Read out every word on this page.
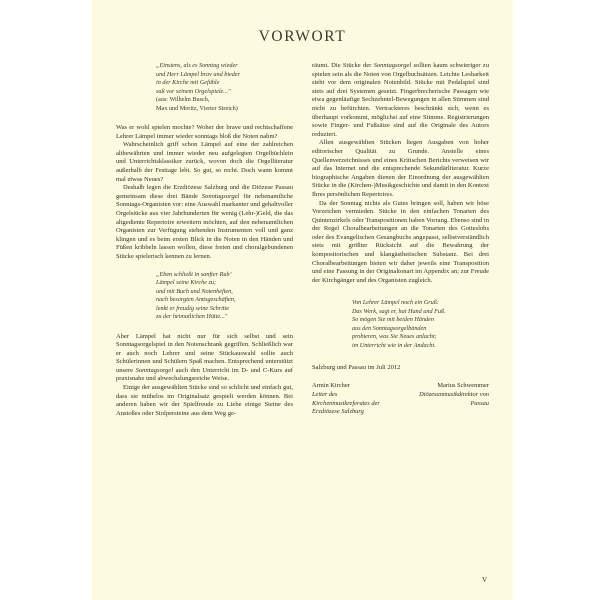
VORWORT
„Einstens, als es Sonntag wieder
und Herr Lämpel brav und bieder
in der Kirche mit Gefühle
saß vor seinem Orgelspiele..."
(aus: Wilhelm Busch,
Max und Moritz, Vierter Streich)

Was er wohl spielen mochte? Woher der brave und rechtschaffene Lehrer Lämpel immer wieder sonntags bloß die Noten nahm?

Wahrscheinlich griff schon Lämpel auf eine der zahlreichen altbewährten und immer wieder neu aufgelegten Orgelbüchlein und Unterrichtsklassiker zurück, wovon doch die Orgelliteratur außerhalb der Festtage lebt. So gut, so recht. Doch wann kommt mal etwas Neues?

Deshalb legen die Erzdiözese Salzburg und die Diözese Passau gemeinsam diese drei Bände Sonntagsorgel für nebenamtliche Sonntags-Organisten vor: eine Auswahl markanter und gehaltvoller Orgelstücke aus vier Jahrhunderten für wenig (Lehr-)Geld, die das altgediente Repertoire erweitern möchten, auf den nebenamtlichen Organisten zur Verfügung stehenden Instrumenten voll und ganz klingen und es beim ersten Blick in die Noten in den Händen und Füßen kribbeln lassen wollen, diese freien und choralgebundenen Stücke spielerisch kennen zu lernen.

„Eben schließt in sanfter Ruh’
Lämpel seine Kirche zu;
und mit Buch und Notenheften,
nach besorgten Amtsgeschäften,
lenkt er freudig seine Schritte
zu der heimatlichen Hütte..."

Aber Lämpel hat nicht nur für sich selbst und sein Sonntagsorgelspiel in den Notenschrank gegriffen. Schließlich war er auch noch Lehrer und seine Stückauswahl sollte auch Schülerinnen und Schülern Spaß machen. Entsprechend unterstützt unsere Sonntagsorgel auch den Unterricht im D- und C-Kurs auf praxisnahe und abwechslungsreiche Weise.

Einige der ausgewählten Stücke sind so schlicht und einfach gut, dass sie mühelos im Originalsatz gespielt werden können. Bei anderen haben wir der Spielfreude zu Liebe einige Steine des Anstoßes oder Stolpersteine aus dem Weg ge-

räumt. Die Stücke der Sonntagsorgel sollten kaum schwieriger zu spielen sein als die Noten von Orgelbuchsätzen. Leichte Lesbarkeit steht vor dem originalen Notenbild. Stücke mit Pedalspiel sind stets auf drei Systemen gesetzt. Fingerbrecherische Passagen wie etwa gegenläufige Sechzehntel-Bewegungen in allen Stimmen sind nicht zu befürchten. Vertrackteres beschränkt sich, wenn es überhaupt vorkommt, möglichst auf eine Stimme. Registrierungen sowie Finger- und Fußsätze sind auf die Originale des Autors reduziert.

Allen ausgewählten Stücken liegen Ausgaben von hoher editorischer Qualität zu Grunde. Anstelle eines Quellenverzeichnisses und eines Kritischen Berichts verweisen wir auf das Internet und die entsprechende Sekundärliteratur. Kurze biographische Angaben dienen der Einordnung der ausgewählten Stücke in die (Kirchen-)Musikgeschichte und damit in den Kontext Ihres persönlichen Repertoires.

Da der Sonntag nichts als Gutes bringen soll, haben wir böse Vorzeichen vermieden. Stücke in den einfachen Tonarten des Quintenzirkels oder Transpositionen haben Vorrang. Ebenso sind in der Regel Choralbearbeitungen an die Tonarten des Gotteslobs oder des Evangelischen Gesangbuchs angepasst, selbstverständlich stets mit größter Rücksicht auf die Bewahrung der kompositorischen und klangästhetischen Substanz. Bei drei Choralbearbeitungen bieten wir daher jeweils eine Transposition und eine Fassung in der Originaltonart im Appendix an; zur Freude der Kirchgänger und des Organisten zugleich.

Von Lehrer Lämpel noch ein Gruß:
Das Werk, sagt er, hat Hand und Fuß.
So mögen Sie mit beiden Händen
aus den Sonntagsorgelbänden
probieren, was Sie Neues anlacht;
im Unterricht wie in der Andacht.

Salzburg und Passau im Juli 2012

Armin Kircher
Leiter des Kirchenmusikreferates der Erzdiözese Salzburg
Marius Schwemmer
Diözesanmusikdirektor von Passau
V
